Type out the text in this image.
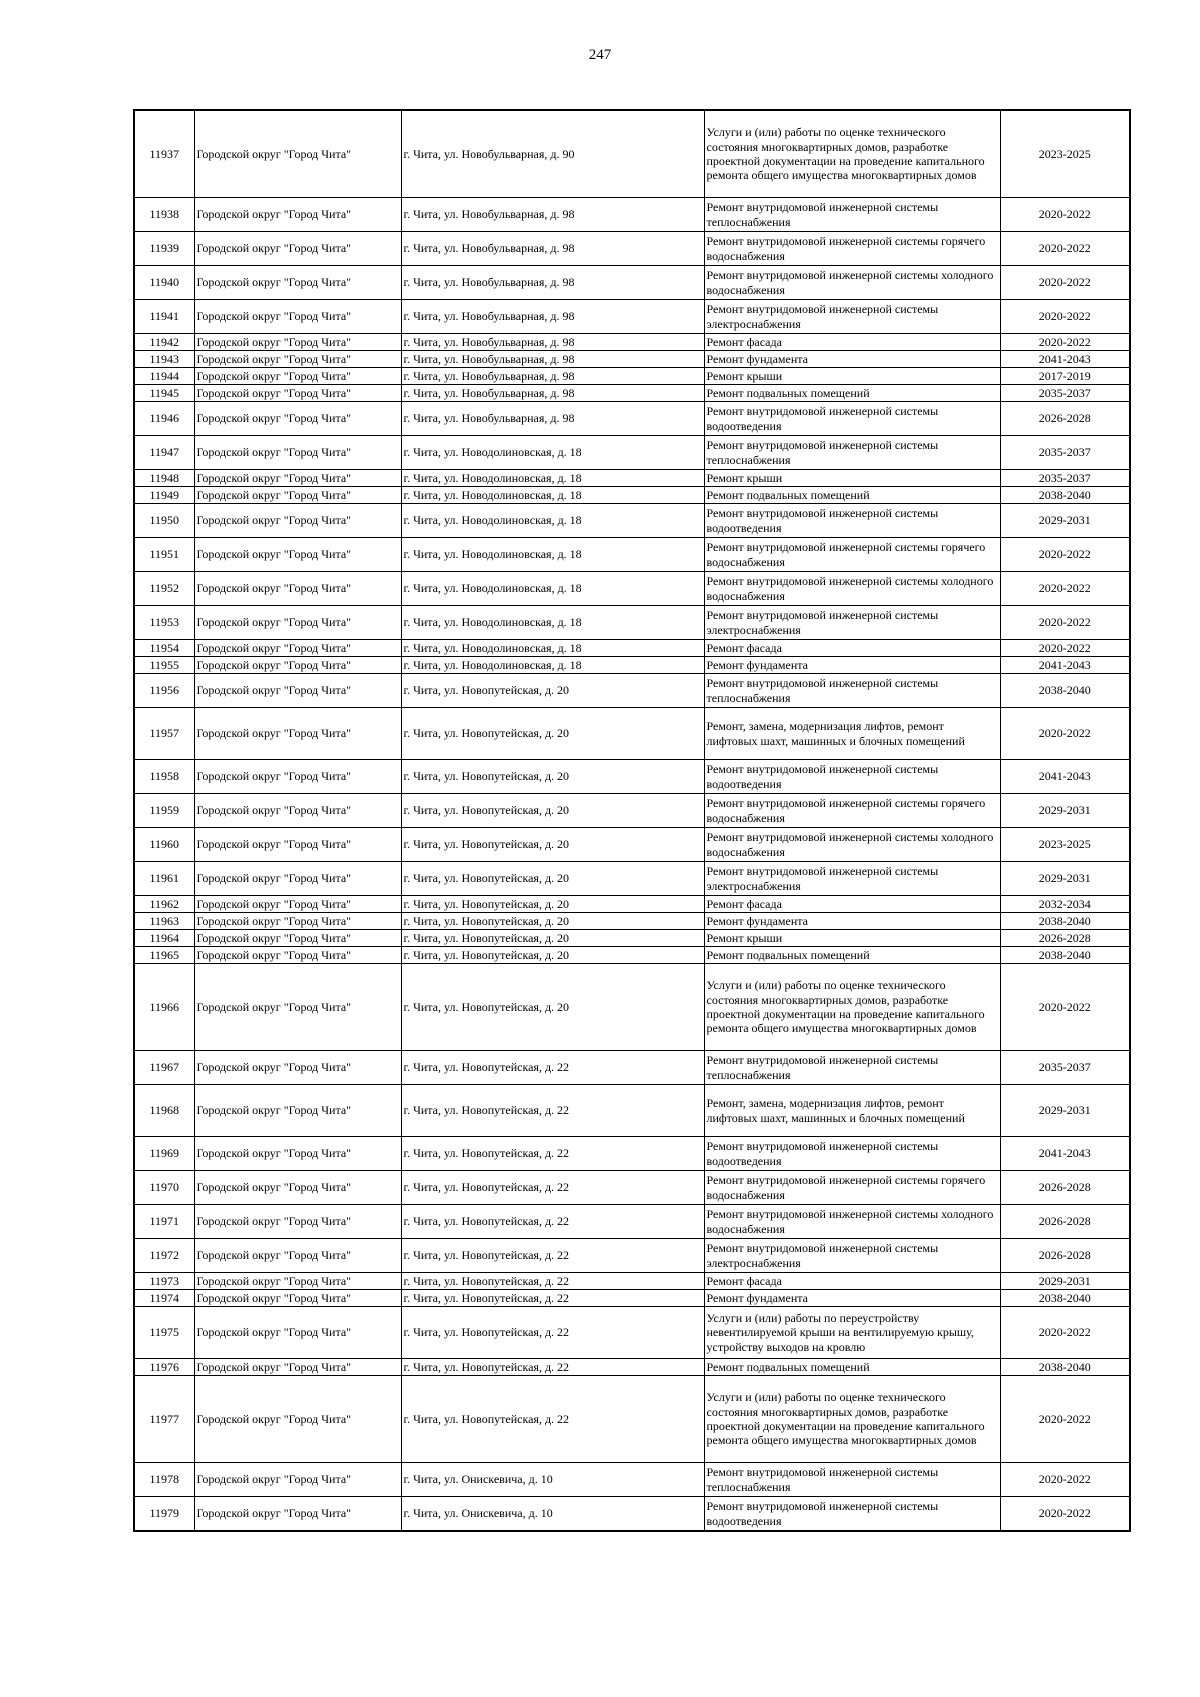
247
11937	Городской округ "Город Чита"	г. Чита, ул. Новобульварная, д. 90	Услуги и (или) работы по оценке технического состояния многоквартирных домов, разработке проектной документации на проведение капитального ремонта общего имущества многоквартирных домов	2023-2025
11938	Городской округ "Город Чита"	г. Чита, ул. Новобульварная, д. 98	Ремонт внутридомовой инженерной системы теплоснабжения	2020-2022
11939	Городской округ "Город Чита"	г. Чита, ул. Новобульварная, д. 98	Ремонт внутридомовой инженерной системы горячего водоснабжения	2020-2022
11940	Городской округ "Город Чита"	г. Чита, ул. Новобульварная, д. 98	Ремонт внутридомовой инженерной системы холодного водоснабжения	2020-2022
11941	Городской округ "Город Чита"	г. Чита, ул. Новобульварная, д. 98	Ремонт внутридомовой инженерной системы электроснабжения	2020-2022
11942	Городской округ "Город Чита"	г. Чита, ул. Новобульварная, д. 98	Ремонт фасада	2020-2022
11943	Городской округ "Город Чита"	г. Чита, ул. Новобульварная, д. 98	Ремонт фундамента	2041-2043
11944	Городской округ "Город Чита"	г. Чита, ул. Новобульварная, д. 98	Ремонт крыши	2017-2019
11945	Городской округ "Город Чита"	г. Чита, ул. Новобульварная, д. 98	Ремонт подвальных помещений	2035-2037
11946	Городской округ "Город Чита"	г. Чита, ул. Новобульварная, д. 98	Ремонт внутридомовой инженерной системы водоотведения	2026-2028
11947	Городской округ "Город Чита"	г. Чита, ул. Новодолиновская, д. 18	Ремонт внутридомовой инженерной системы теплоснабжения	2035-2037
11948	Городской округ "Город Чита"	г. Чита, ул. Новодолиновская, д. 18	Ремонт крыши	2035-2037
11949	Городской округ "Город Чита"	г. Чита, ул. Новодолиновская, д. 18	Ремонт подвальных помещений	2038-2040
11950	Городской округ "Город Чита"	г. Чита, ул. Новодолиновская, д. 18	Ремонт внутридомовой инженерной системы водоотведения	2029-2031
11951	Городской округ "Город Чита"	г. Чита, ул. Новодолиновская, д. 18	Ремонт внутридомовой инженерной системы горячего водоснабжения	2020-2022
11952	Городской округ "Город Чита"	г. Чита, ул. Новодолиновская, д. 18	Ремонт внутридомовой инженерной системы холодного водоснабжения	2020-2022
11953	Городской округ "Город Чита"	г. Чита, ул. Новодолиновская, д. 18	Ремонт внутридомовой инженерной системы электроснабжения	2020-2022
11954	Городской округ "Город Чита"	г. Чита, ул. Новодолиновская, д. 18	Ремонт фасада	2020-2022
11955	Городской округ "Город Чита"	г. Чита, ул. Новодолиновская, д. 18	Ремонт фундамента	2041-2043
11956	Городской округ "Город Чита"	г. Чита, ул. Новопутейская, д. 20	Ремонт внутридомовой инженерной системы теплоснабжения	2038-2040
11957	Городской округ "Город Чита"	г. Чита, ул. Новопутейская, д. 20	Ремонт, замена, модернизация лифтов, ремонт лифтовых шахт, машинных и блочных помещений	2020-2022
11958	Городской округ "Город Чита"	г. Чита, ул. Новопутейская, д. 20	Ремонт внутридомовой инженерной системы водоотведения	2041-2043
11959	Городской округ "Город Чита"	г. Чита, ул. Новопутейская, д. 20	Ремонт внутридомовой инженерной системы горячего водоснабжения	2029-2031
11960	Городской округ "Город Чита"	г. Чита, ул. Новопутейская, д. 20	Ремонт внутридомовой инженерной системы холодного водоснабжения	2023-2025
11961	Городской округ "Город Чита"	г. Чита, ул. Новопутейская, д. 20	Ремонт внутридомовой инженерной системы электроснабжения	2029-2031
11962	Городской округ "Город Чита"	г. Чита, ул. Новопутейская, д. 20	Ремонт фасада	2032-2034
11963	Городской округ "Город Чита"	г. Чита, ул. Новопутейская, д. 20	Ремонт фундамента	2038-2040
11964	Городской округ "Город Чита"	г. Чита, ул. Новопутейская, д. 20	Ремонт крыши	2026-2028
11965	Городской округ "Город Чита"	г. Чита, ул. Новопутейская, д. 20	Ремонт подвальных помещений	2038-2040
11966	Городской округ "Город Чита"	г. Чита, ул. Новопутейская, д. 20	Услуги и (или) работы по оценке технического состояния многоквартирных домов, разработке проектной документации на проведение капитального ремонта общего имущества многоквартирных домов	2020-2022
11967	Городской округ "Город Чита"	г. Чита, ул. Новопутейская, д. 22	Ремонт внутридомовой инженерной системы теплоснабжения	2035-2037
11968	Городской округ "Город Чита"	г. Чита, ул. Новопутейская, д. 22	Ремонт, замена, модернизация лифтов, ремонт лифтовых шахт, машинных и блочных помещений	2029-2031
11969	Городской округ "Город Чита"	г. Чита, ул. Новопутейская, д. 22	Ремонт внутридомовой инженерной системы водоотведения	2041-2043
11970	Городской округ "Город Чита"	г. Чита, ул. Новопутейская, д. 22	Ремонт внутридомовой инженерной системы горячего водоснабжения	2026-2028
11971	Городской округ "Город Чита"	г. Чита, ул. Новопутейская, д. 22	Ремонт внутридомовой инженерной системы холодного водоснабжения	2026-2028
11972	Городской округ "Город Чита"	г. Чита, ул. Новопутейская, д. 22	Ремонт внутридомовой инженерной системы электроснабжения	2026-2028
11973	Городской округ "Город Чита"	г. Чита, ул. Новопутейская, д. 22	Ремонт фасада	2029-2031
11974	Городской округ "Город Чита"	г. Чита, ул. Новопутейская, д. 22	Ремонт фундамента	2038-2040
11975	Городской округ "Город Чита"	г. Чита, ул. Новопутейская, д. 22	Услуги и (или) работы по переустройству невентилируемой крыши на вентилируемую крышу, устройству выходов на кровлю	2020-2022
11976	Городской округ "Город Чита"	г. Чита, ул. Новопутейская, д. 22	Ремонт подвальных помещений	2038-2040
11977	Городской округ "Город Чита"	г. Чита, ул. Новопутейская, д. 22	Услуги и (или) работы по оценке технического состояния многоквартирных домов, разработке проектной документации на проведение капитального ремонта общего имущества многоквартирных домов	2020-2022
11978	Городской округ "Город Чита"	г. Чита, ул. Онискевича, д. 10	Ремонт внутридомовой инженерной системы теплоснабжения	2020-2022
11979	Городской округ "Город Чита"	г. Чита, ул. Онискевича, д. 10	Ремонт внутридомовой инженерной системы водоотведения	2020-2022
